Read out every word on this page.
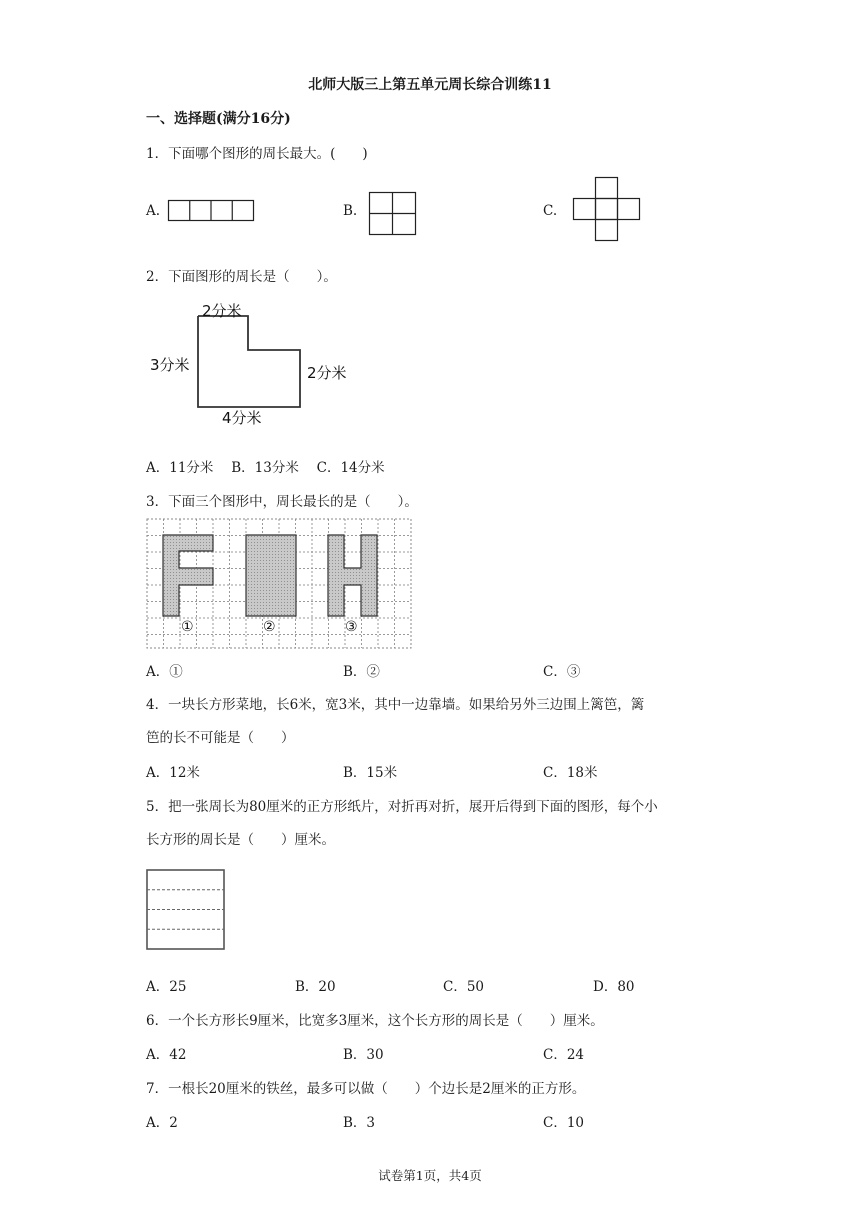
北师大版三上第五单元周长综合训练11
一、选择题(满分16分)
1．下面哪个图形的周长最大。(　　)
A.	B.	C.
2．下面图形的周长是（　　）。
2分米
3分米	2分米
4分米
A．11分米　 B．13分米　 C．14分米
3．下面三个图形中，周长最长的是（　　）。
①	②	③
A．①	B．②	C．③
4．一块长方形菜地，长6米，宽3米，其中一边靠墙。如果给另外三边围上篱笆，篱
笆的长不可能是（　　）
A．12米	B．15米	C．18米
5．把一张周长为80厘米的正方形纸片，对折再对折，展开后得到下面的图形，每个小
长方形的周长是（　　）厘米。
A．25	B．20	C．50	D．80
6．一个长方形长9厘米，比宽多3厘米，这个长方形的周长是（　　）厘米。
A．42	B．30	C．24
7．一根长20厘米的铁丝，最多可以做（　　）个边长是2厘米的正方形。
A．2	B．3	C．10
试卷第1页，共4页
